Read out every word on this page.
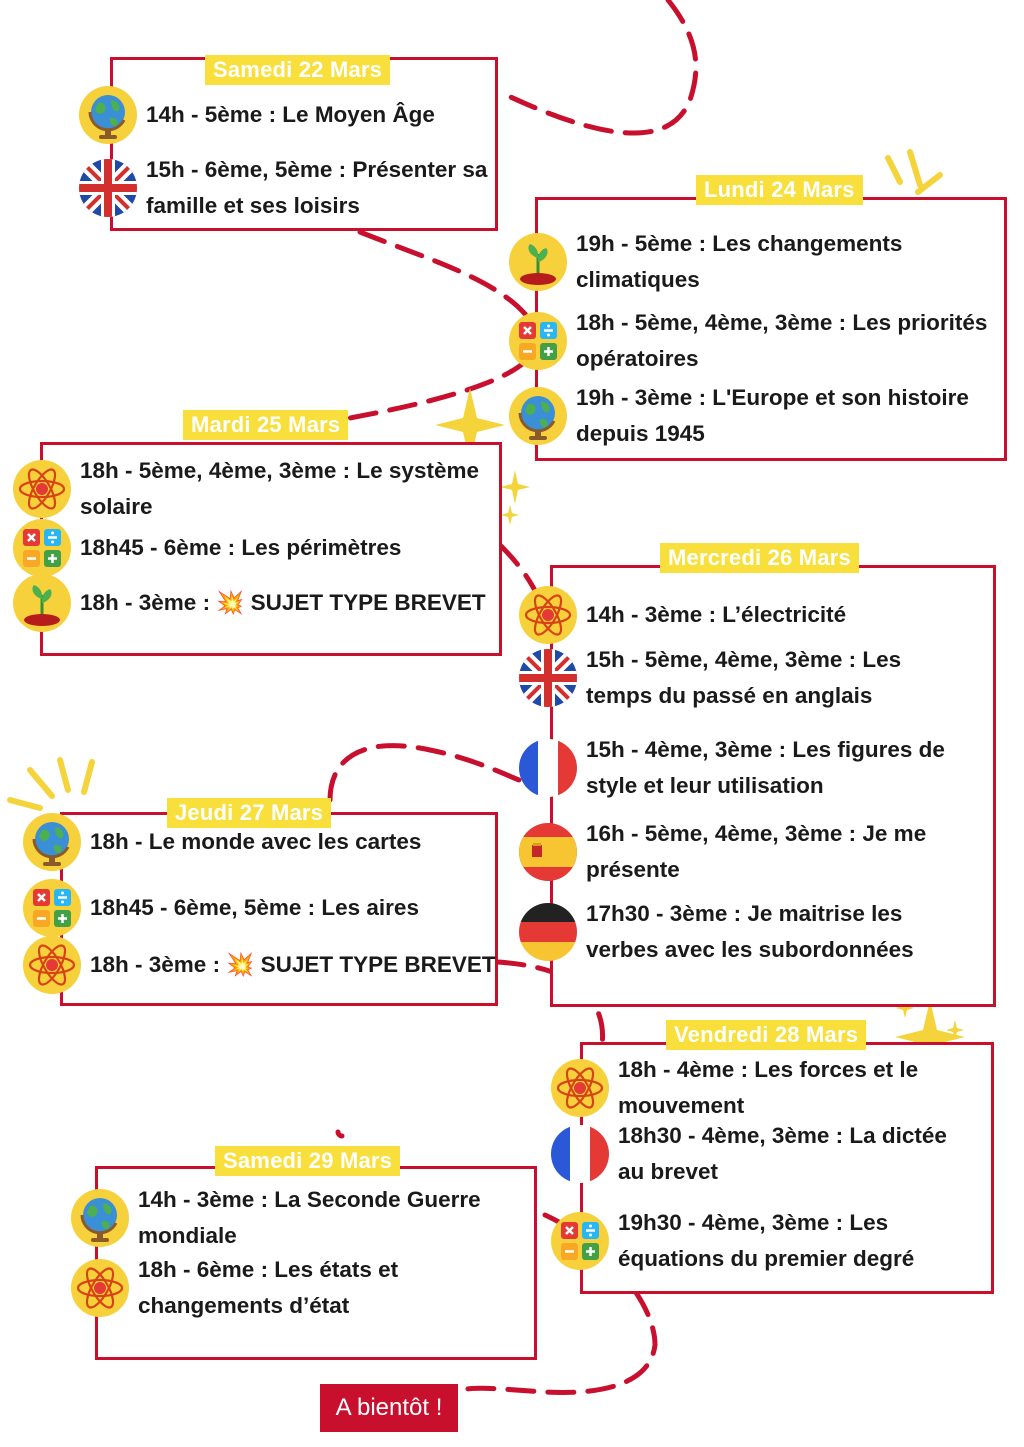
Samedi 22 Mars
14h - 5ème : Le Moyen Âge
15h - 6ème, 5ème : Présenter sa famille et ses loisirs
Lundi 24 Mars
19h - 5ème : Les changements climatiques
18h - 5ème, 4ème, 3ème : Les priorités opératoires
19h - 3ème : L'Europe et son histoire depuis 1945
Mardi 25 Mars
18h - 5ème, 4ème, 3ème : Le système solaire
18h45 - 6ème : Les périmètres
18h - 3ème : 💥 SUJET TYPE BREVET
Mercredi 26 Mars
14h - 3ème : L’électricité
15h - 5ème, 4ème, 3ème : Les temps du passé en anglais
15h - 4ème, 3ème : Les figures de style et leur utilisation
16h - 5ème, 4ème, 3ème : Je me présente
17h30 - 3ème : Je maitrise les verbes avec les subordonnées
Jeudi 27 Mars
18h - Le monde avec les cartes
18h45 - 6ème, 5ème : Les aires
18h - 3ème : 💥 SUJET TYPE BREVET
Vendredi 28 Mars
18h - 4ème : Les forces et le mouvement
18h30 - 4ème, 3ème : La dictée au brevet
19h30 - 4ème, 3ème : Les équations du premier degré
Samedi 29 Mars
14h - 3ème : La Seconde Guerre mondiale
18h - 6ème : Les états et changements d’état
A bientôt !
